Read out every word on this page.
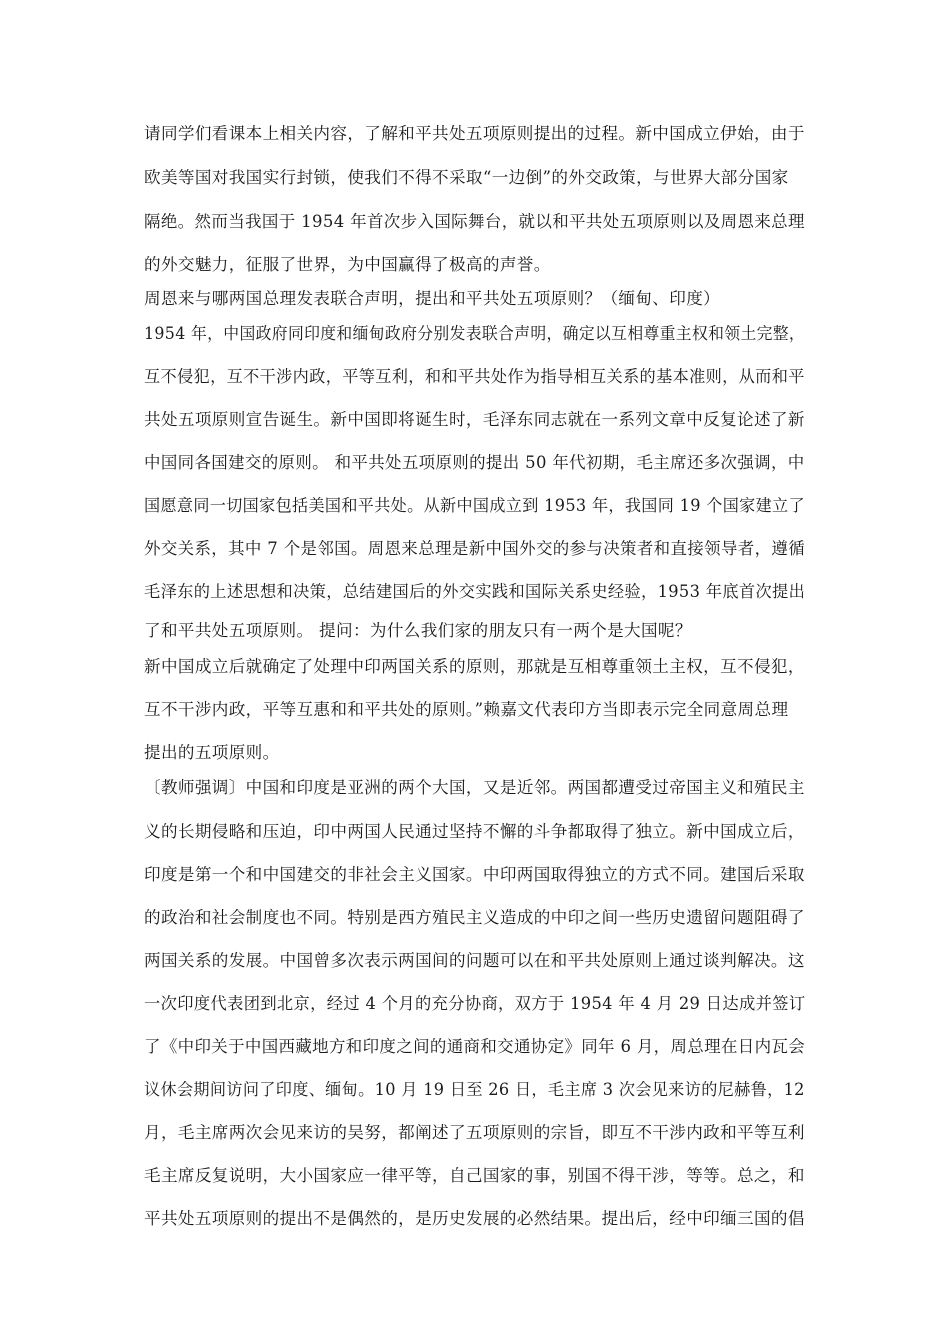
请同学们看课本上相关内容，了解和平共处五项原则提出的过程。新中国成立伊始，由于
欧美等国对我国实行封锁，使我们不得不采取“一边倒”的外交政策，与世界大部分国家
隔绝。然而当我国于 1954 年首次步入国际舞台，就以和平共处五项原则以及周恩来总理
的外交魅力，征服了世界，为中国赢得了极高的声誉。
周恩来与哪两国总理发表联合声明，提出和平共处五项原则？（缅甸、印度）
1954 年，中国政府同印度和缅甸政府分别发表联合声明，确定以互相尊重主权和领土完整，
互不侵犯，互不干涉内政，平等互利，和和平共处作为指导相互关系的基本准则，从而和平
共处五项原则宣告诞生。新中国即将诞生时，毛泽东同志就在一系列文章中反复论述了新
中国同各国建交的原则。 和平共处五项原则的提出 50 年代初期，毛主席还多次强调，中
国愿意同一切国家包括美国和平共处。从新中国成立到 1953 年，我国同 19 个国家建立了
外交关系，其中 7 个是邻国。周恩来总理是新中国外交的参与决策者和直接领导者，遵循
毛泽东的上述思想和决策，总结建国后的外交实践和国际关系史经验，1953 年底首次提出
了和平共处五项原则。 提问：为什么我们家的朋友只有一两个是大国呢？
新中国成立后就确定了处理中印两国关系的原则，那就是互相尊重领土主权，互不侵犯，
互不干涉内政，平等互惠和和平共处的原则。”赖嘉文代表印方当即表示完全同意周总理
提出的五项原则。
〔教师强调〕中国和印度是亚洲的两个大国，又是近邻。两国都遭受过帝国主义和殖民主
义的长期侵略和压迫，印中两国人民通过坚持不懈的斗争都取得了独立。新中国成立后，
印度是第一个和中国建交的非社会主义国家。中印两国取得独立的方式不同。建国后采取
的政治和社会制度也不同。特别是西方殖民主义造成的中印之间一些历史遗留问题阻碍了
两国关系的发展。中国曾多次表示两国间的问题可以在和平共处原则上通过谈判解决。这
一次印度代表团到北京，经过 4 个月的充分协商，双方于 1954 年 4 月 29 日达成并签订
了《中印关于中国西藏地方和印度之间的通商和交通协定》同年 6 月，周总理在日内瓦会
议休会期间访问了印度、缅甸。10 月 19 日至 26 日，毛主席 3 次会见来访的尼赫鲁，12
月，毛主席两次会见来访的吴努，都阐述了五项原则的宗旨，即互不干涉内政和平等互利
毛主席反复说明，大小国家应一律平等，自己国家的事，别国不得干涉，等等。总之，和
平共处五项原则的提出不是偶然的，是历史发展的必然结果。提出后，经中印缅三国的倡
